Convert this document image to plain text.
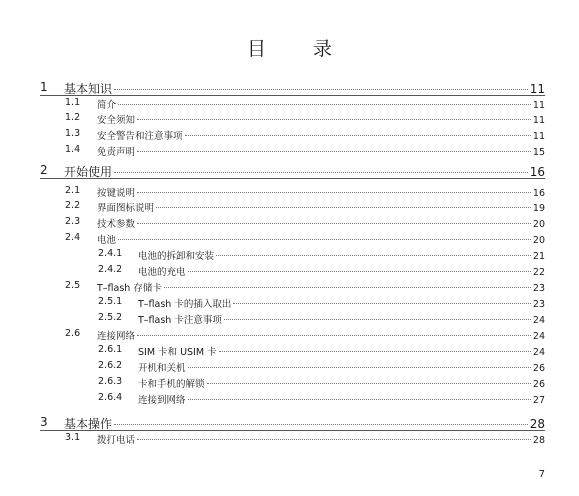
目　录
1 基本知识	11
1.1 简介	11
1.2 安全须知	11
1.3 安全警告和注意事项	11
1.4 免责声明	15
2 开始使用	16
2.1 按键说明	16
2.2 界面图标说明	19
2.3 技术参数	20
2.4 电池	20
2.4.1 电池的拆卸和安装	21
2.4.2 电池的充电	22
2.5 T–flash 存储卡	23
2.5.1 T–flash 卡的插入取出	23
2.5.2 T–flash 卡注意事项	24
2.6 连接网络	24
2.6.1 SIM 卡和 USIM 卡	24
2.6.2 开机和关机	26
2.6.3 卡和手机的解锁	26
2.6.4 连接到网络	27
3 基本操作	28
3.1 拨打电话	28
7
